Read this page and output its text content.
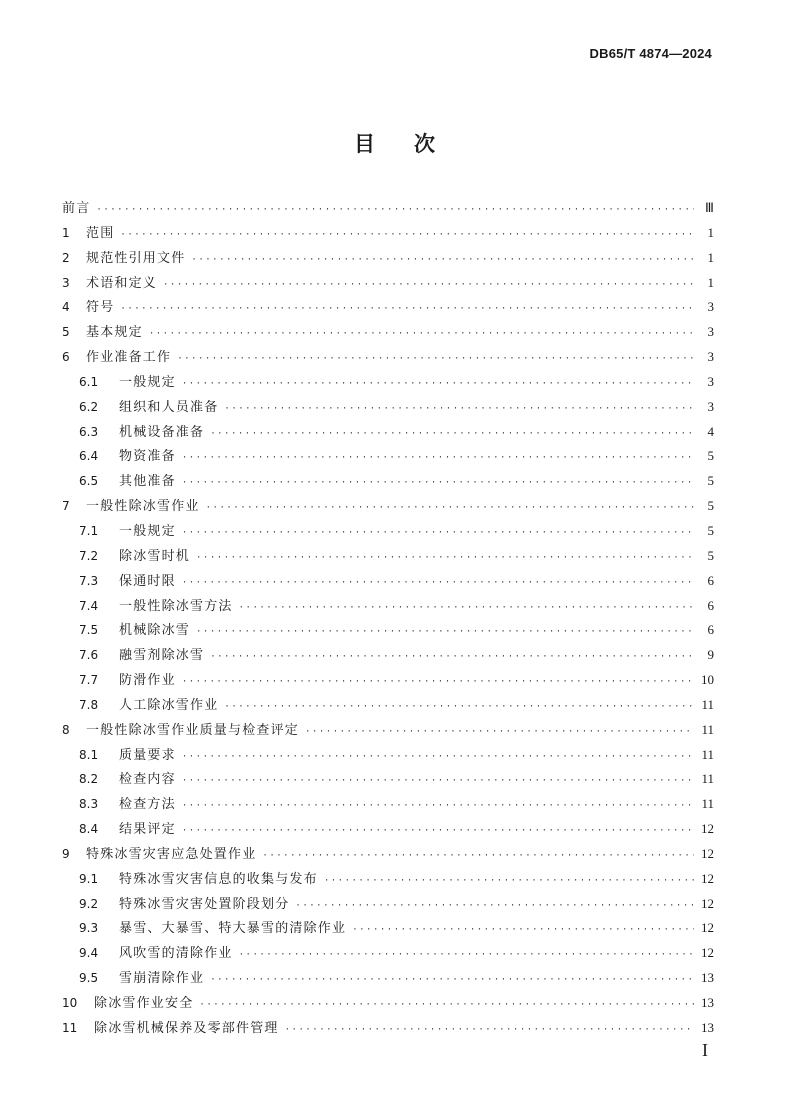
DB65/T 4874—2024
目 次
前言 ·····	Ⅲ
1	范围 ·····	1
2	规范性引用文件 ·····	1
3	术语和定义 ·····	1
4	符号 ·····	3
5	基本规定 ·····	3
6	作业准备工作 ·····	3
6.1	一般规定 ·····	3
6.2	组织和人员准备 ·····	3
6.3	机械设备准备 ·····	4
6.4	物资准备 ·····	5
6.5	其他准备 ·····	5
7	一般性除冰雪作业 ·····	5
7.1	一般规定 ·····	5
7.2	除冰雪时机 ·····	5
7.3	保通时限 ·····	6
7.4	一般性除冰雪方法 ·····	6
7.5	机械除冰雪 ·····	6
7.6	融雪剂除冰雪 ·····	9
7.7	防滑作业 ·····	10
7.8	人工除冰雪作业 ·····	11
8	一般性除冰雪作业质量与检查评定 ·····	11
8.1	质量要求 ·····	11
8.2	检查内容 ·····	11
8.3	检查方法 ·····	11
8.4	结果评定 ·····	12
9	特殊冰雪灾害应急处置作业 ·····	12
9.1	特殊冰雪灾害信息的收集与发布 ·····	12
9.2	特殊冰雪灾害处置阶段划分 ·····	12
9.3	暴雪、大暴雪、特大暴雪的清除作业 ·····	12
9.4	风吹雪的清除作业 ·····	12
9.5	雪崩清除作业 ·····	13
10	除冰雪作业安全 ·····	13
11	除冰雪机械保养及零部件管理 ·····	13
I
